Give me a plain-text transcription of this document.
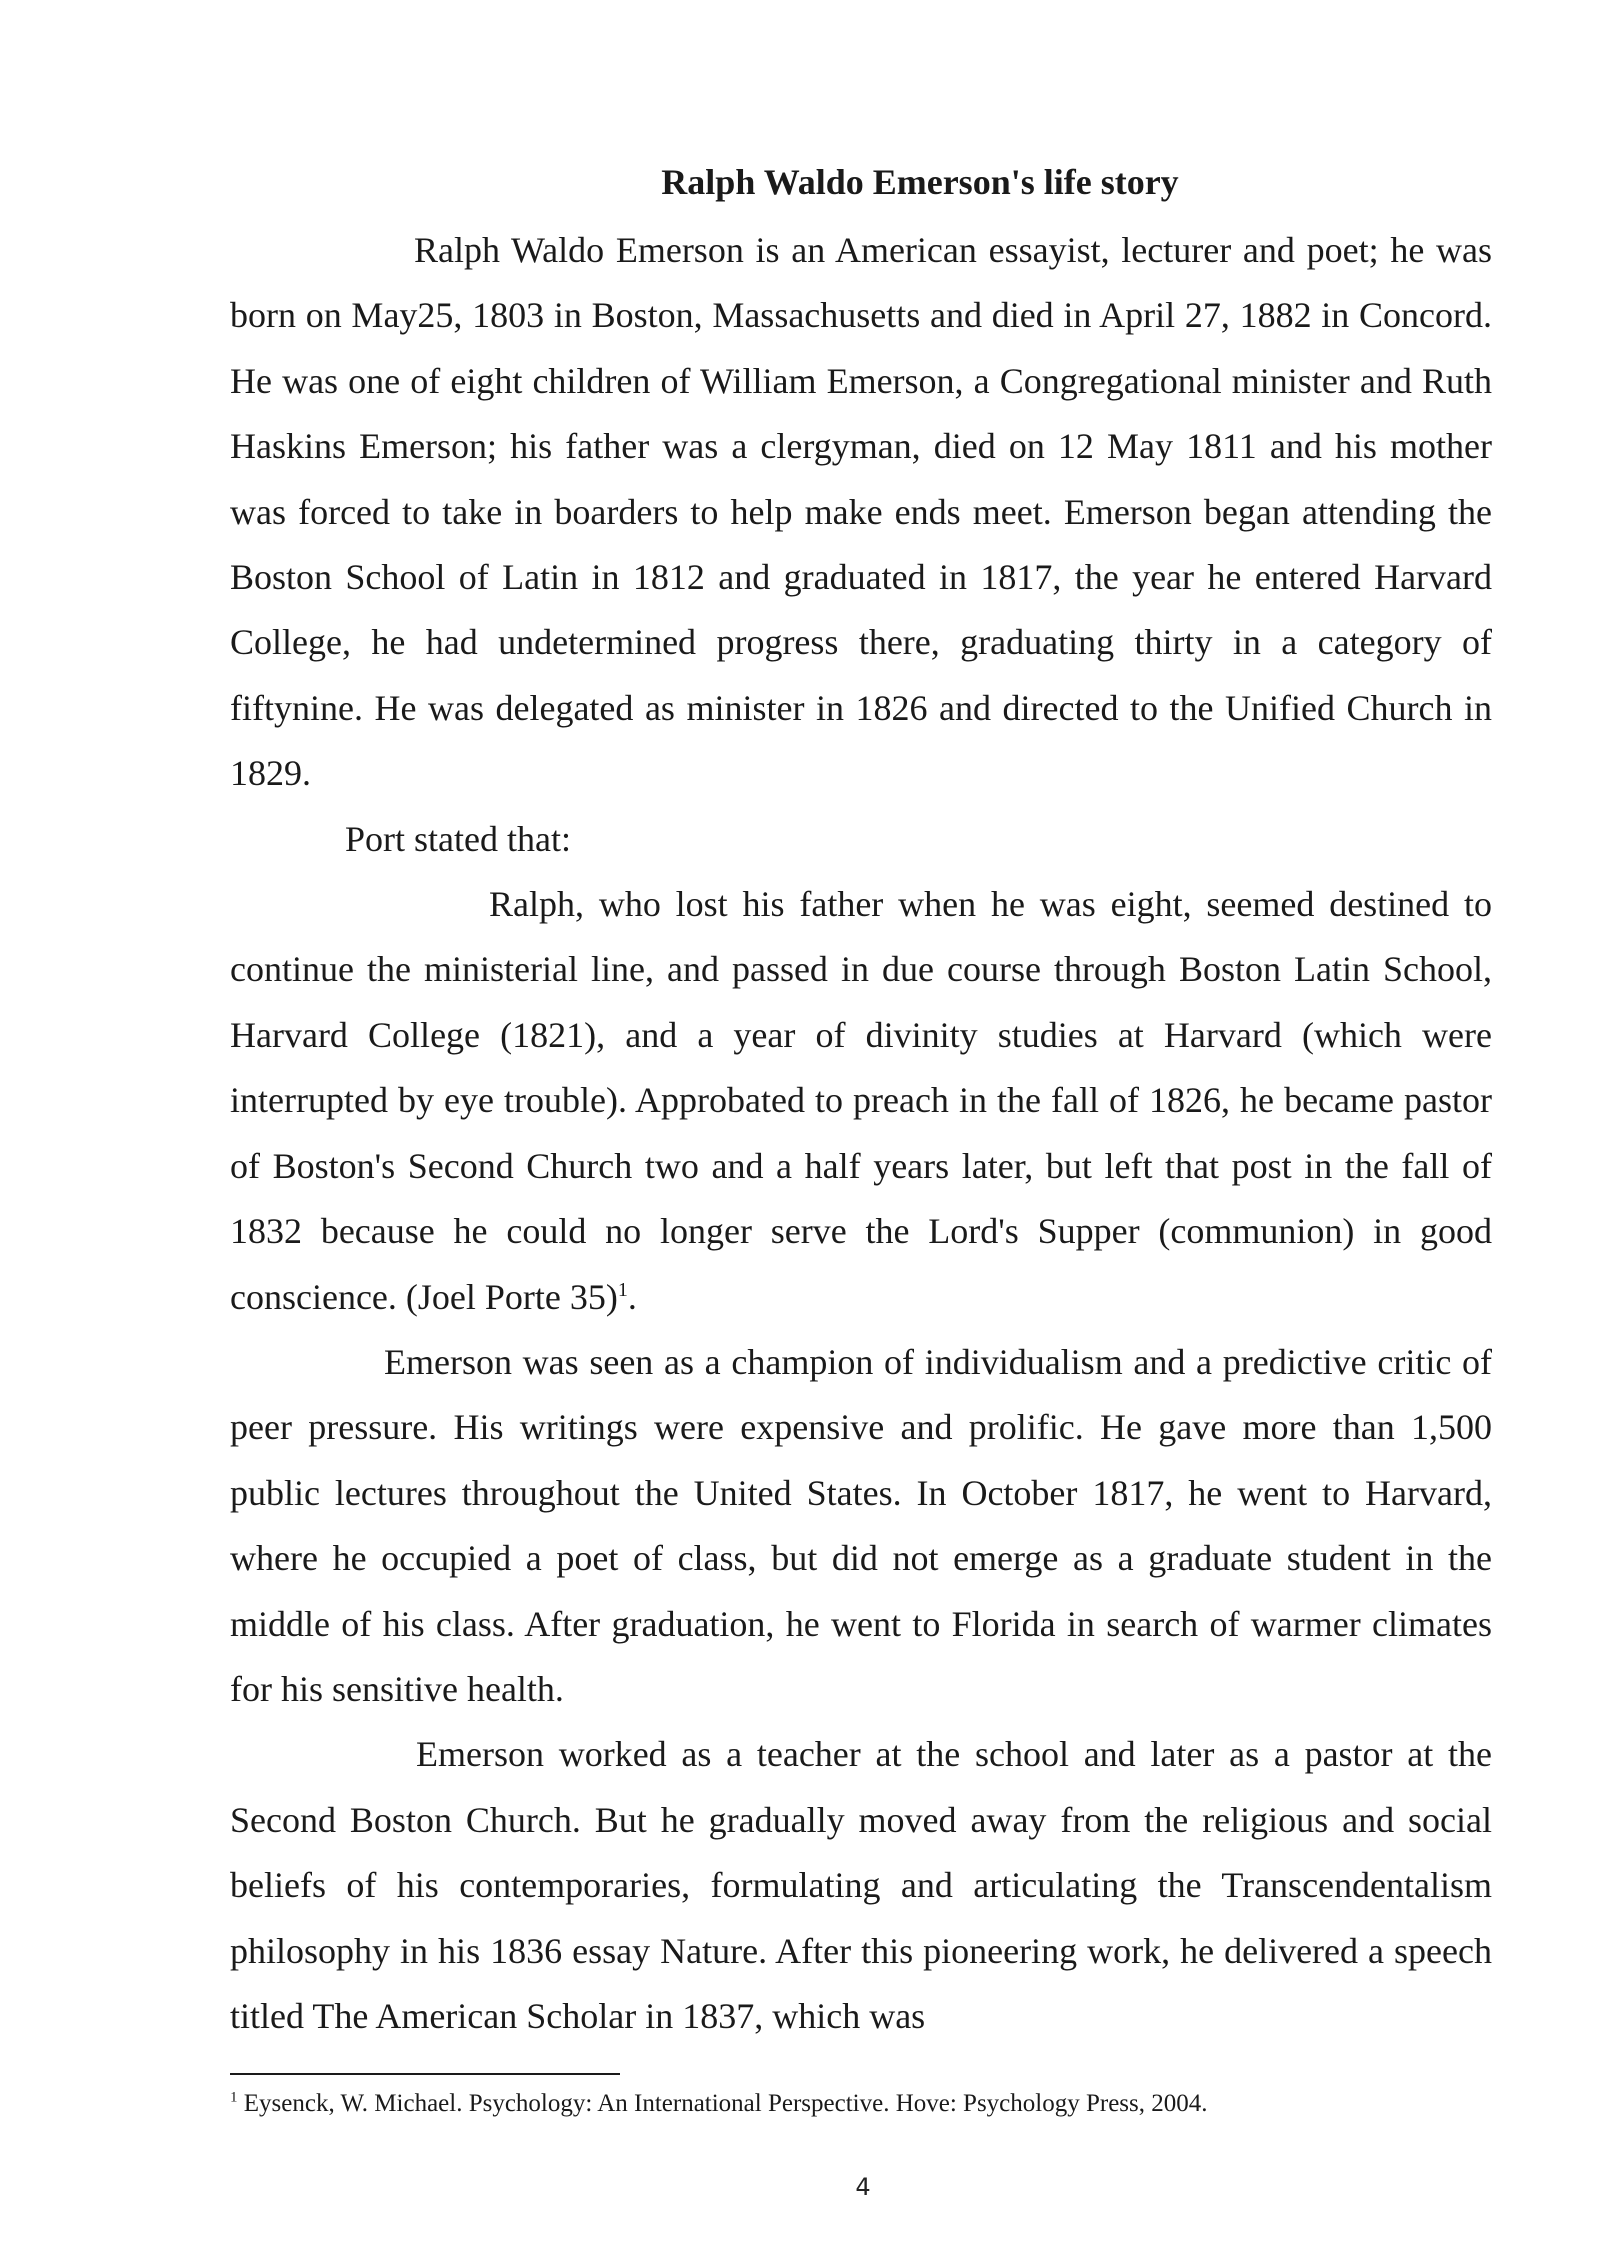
Ralph Waldo Emerson's life story

Ralph Waldo Emerson is an American essayist, lecturer and poet; he was born on May25, 1803 in Boston, Massachusetts and died in April 27, 1882 in Concord. He was one of eight children of William Emerson, a Congregational minister and Ruth Haskins Emerson; his father was a clergyman, died on 12 May 1811 and his mother was forced to take in boarders to help make ends meet. Emerson began attending the Boston School of Latin in 1812 and graduated in 1817, the year he entered Harvard College, he had undetermined progress there, graduating thirty in a category of fiftynine. He was delegated as minister in 1826 and directed to the Unified Church in 1829.

Port stated that:

Ralph, who lost his father when he was eight, seemed destined to continue the ministerial line, and passed in due course through Boston Latin School, Harvard College (1821), and a year of divinity studies at Harvard (which were interrupted by eye trouble). Approbated to preach in the fall of 1826, he became pastor of Boston's Second Church two and a half years later, but left that post in the fall of 1832 because he could no longer serve the Lord's Supper (communion) in good conscience. (Joel Porte 35)$^1$.

Emerson was seen as a champion of individualism and a predictive critic of peer pressure. His writings were expensive and prolific. He gave more than 1,500 public lectures throughout the United States. In October 1817, he went to Harvard, where he occupied a poet of class, but did not emerge as a graduate student in the middle of his class. After graduation, he went to Florida in search of warmer climates for his sensitive health.

Emerson worked as a teacher at the school and later as a pastor at the Second Boston Church. But he gradually moved away from the religious and social beliefs of his contemporaries, formulating and articulating the Transcendentalism philosophy in his 1836 essay Nature. After this pioneering work, he delivered a speech titled The American Scholar in 1837, which was

$^1$ Eysenck, W. Michael. Psychology: An International Perspective. Hove: Psychology Press, 2004.

4
